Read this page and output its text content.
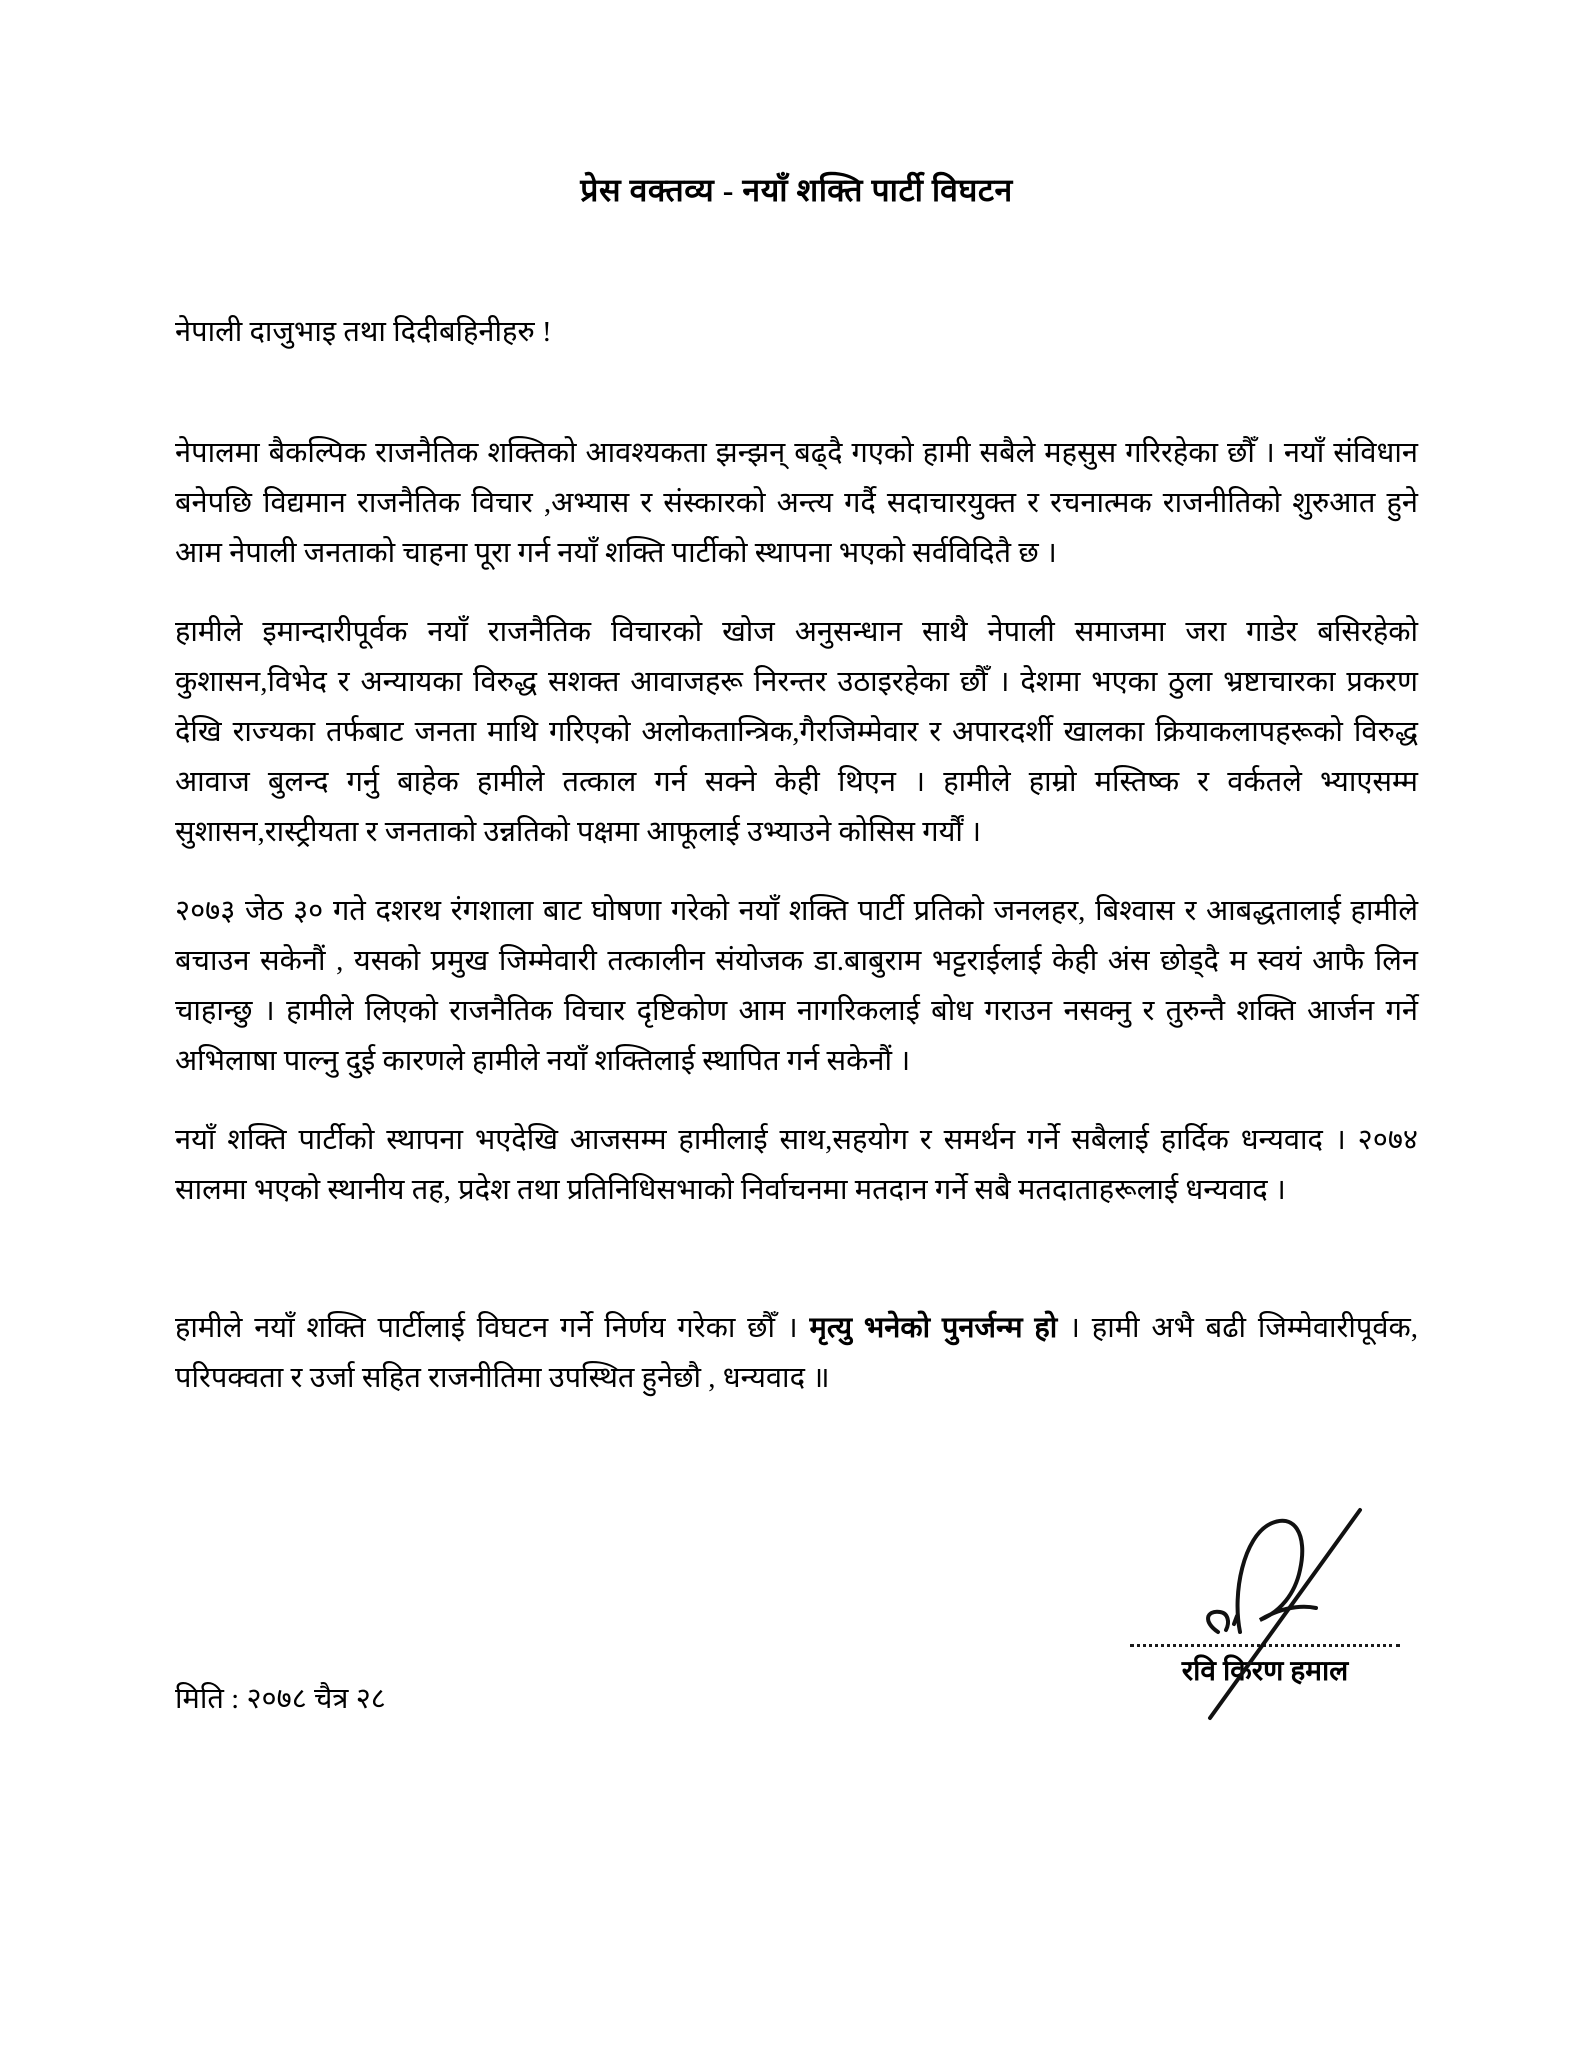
प्रेस वक्तव्य - नयाँ शक्ति पार्टी विघटन
नेपाली दाजुभाइ तथा दिदीबहिनीहरु !

नेपालमा बैकल्पिक राजनैतिक शक्तिको आवश्यकता झन्झन् बढ्दै गएको हामी सबैले महसुस गरिरहेका छौँ । नयाँ संविधान बनेपछि विद्यमान राजनैतिक विचार ,अभ्यास र संस्कारको अन्त्य गर्दै सदाचारयुक्त र रचनात्मक राजनीतिको शुरुआत हुने आम नेपाली जनताको चाहना पूरा गर्न नयाँ शक्ति पार्टीको स्थापना भएको सर्वविदितै छ ।

हामीले इमान्दारीपूर्वक नयाँ राजनैतिक विचारको खोज अनुसन्धान साथै नेपाली समाजमा जरा गाडेर बसिरहेको कुशासन,विभेद र अन्यायका विरुद्ध सशक्त आवाजहरू निरन्तर उठाइरहेका छौँ । देशमा भएका ठुला भ्रष्टाचारका प्रकरण देखि राज्यका तर्फबाट जनता माथि गरिएको अलोकतान्त्रिक,गैरजिम्मेवार र अपारदर्शी खालका क्रियाकलापहरूको विरुद्ध आवाज बुलन्द गर्नु बाहेक हामीले तत्काल गर्न सक्ने केही थिएन । हामीले हाम्रो मस्तिष्क र वर्कतले भ्याएसम्म सुशासन,रास्ट्रीयता र जनताको उन्नतिको पक्षमा आफूलाई उभ्याउने कोसिस गर्यौं ।

२०७३ जेठ ३० गते दशरथ रंगशाला बाट घोषणा गरेको नयाँ शक्ति पार्टी प्रतिको जनलहर, बिश्वास र आबद्धतालाई हामीले बचाउन सकेनौं , यसको प्रमुख जिम्मेवारी तत्कालीन संयोजक डा.बाबुराम भट्टराईलाई केही अंस छोड्दै म स्वयं आफै लिन चाहान्छु । हामीले लिएको राजनैतिक विचार दृष्टिकोण आम नागरिकलाई बोध गराउन नसक्नु र तुरुन्तै शक्ति आर्जन गर्ने अभिलाषा पाल्नु दुई कारणले हामीले नयाँ शक्तिलाई स्थापित गर्न सकेनौं ।

नयाँ शक्ति पार्टीको स्थापना भएदेखि आजसम्म हामीलाई साथ,सहयोग र समर्थन गर्ने सबैलाई हार्दिक धन्यवाद । २०७४ सालमा भएको स्थानीय तह, प्रदेश तथा प्रतिनिधिसभाको निर्वाचनमा मतदान गर्ने सबै मतदाताहरूलाई धन्यवाद ।

हामीले नयाँ शक्ति पार्टीलाई विघटन गर्ने निर्णय गरेका छौँ । मृत्यु भनेको पुनर्जन्म हो । हामी अभै बढी जिम्मेवारीपूर्वक, परिपक्वता र उर्जा सहित राजनीतिमा उपस्थित हुनेछौ , धन्यवाद ॥

मिति : २०७८ चैत्र २८
रवि किरण हमाल
